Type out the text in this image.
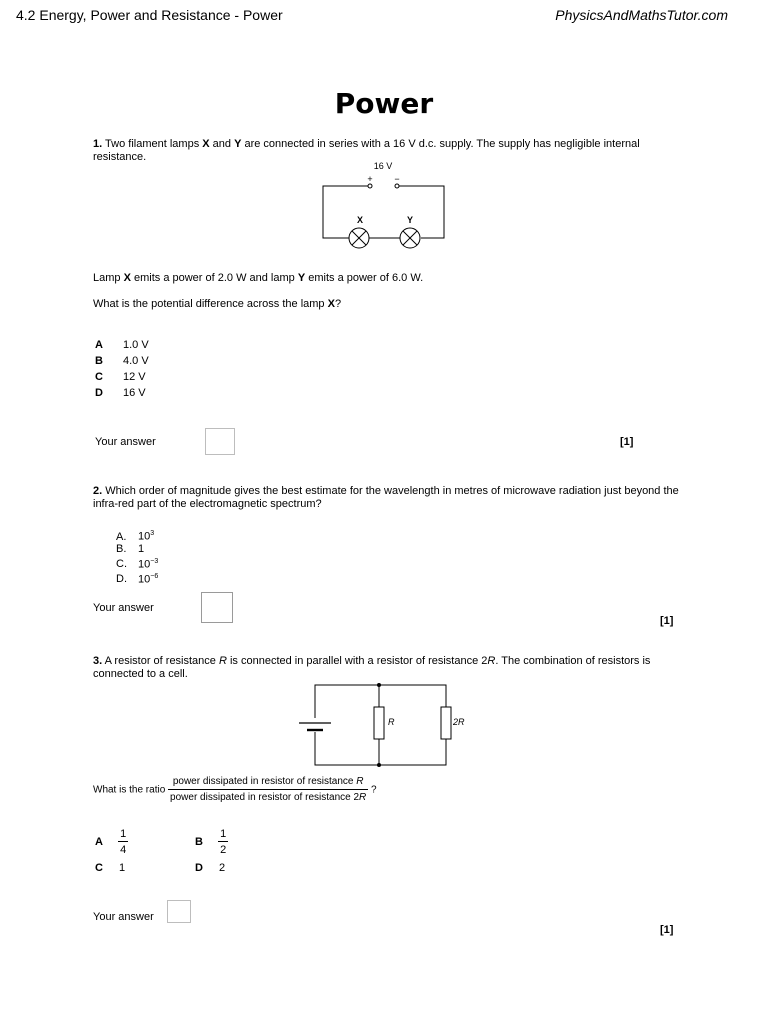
4.2 Energy, Power and Resistance - Power	PhysicsAndMathsTutor.com
Power
1. Two filament lamps X and Y are connected in series with a 16 V d.c. supply. The supply has negligible internal resistance.
16 V
+ −
X	Y
Lamp X emits a power of 2.0 W and lamp Y emits a power of 6.0 W.
What is the potential difference across the lamp X?
A 1.0 V
B 4.0 V
C 12 V
D 16 V
Your answer	[1]
2. Which order of magnitude gives the best estimate for the wavelength in metres of microwave radiation just beyond the infra-red part of the electromagnetic spectrum?
A. $10^3$
B. 1
C. $10^{-3}$
D. $10^{-6}$
Your answer
[1]
3. A resistor of resistance R is connected in parallel with a resistor of resistance 2R. The combination of resistors is connected to a cell.
R	2R
What is the ratio $\frac{\text{power dissipated in resistor of resistance R}}{\text{power dissipated in resistor of resistance 2R}}$ ?
A $\frac{1}{4}$	B $\frac{1}{2}$
C 1	D 2
Your answer
[1]
